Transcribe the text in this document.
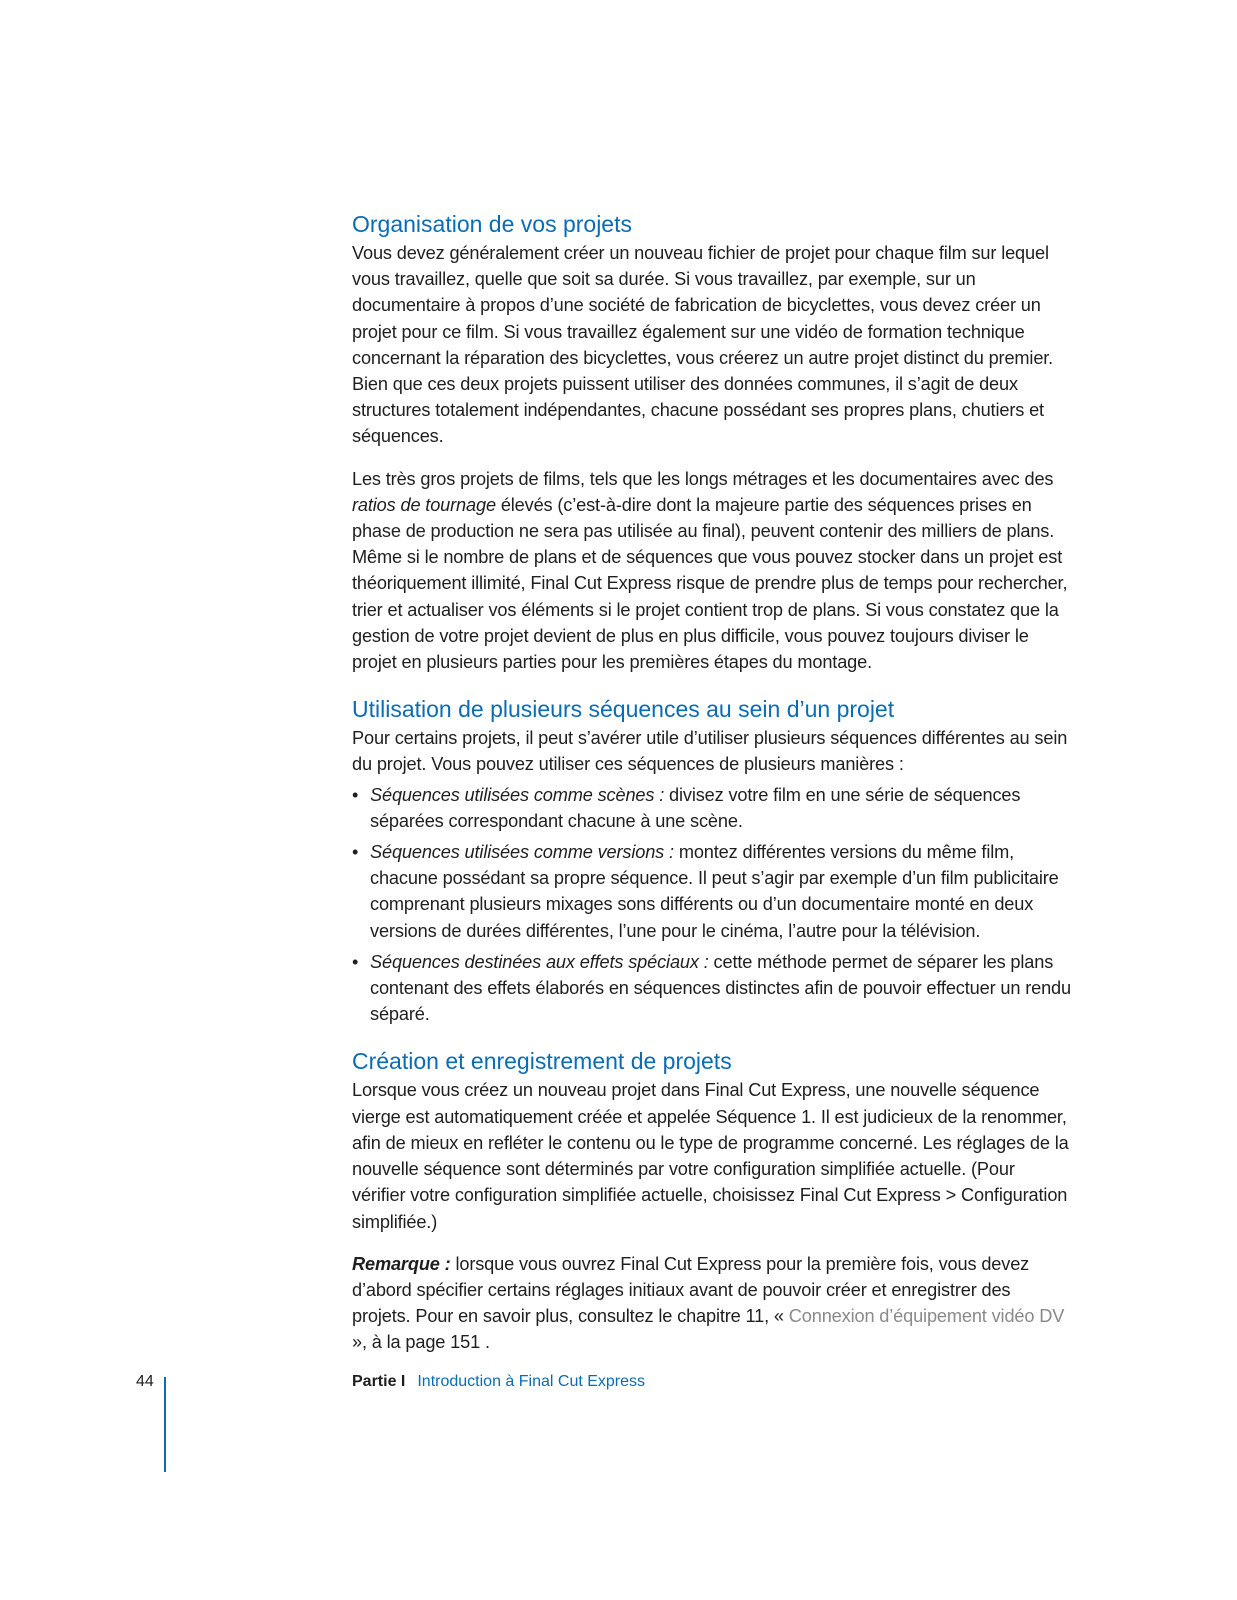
Organisation de vos projets

Vous devez généralement créer un nouveau fichier de projet pour chaque film sur lequel vous travaillez, quelle que soit sa durée. Si vous travaillez, par exemple, sur un documentaire à propos d’une société de fabrication de bicyclettes, vous devez créer un projet pour ce film. Si vous travaillez également sur une vidéo de formation technique concernant la réparation des bicyclettes, vous créerez un autre projet distinct du premier. Bien que ces deux projets puissent utiliser des données communes, il s’agit de deux structures totalement indépendantes, chacune possédant ses propres plans, chutiers et séquences.

Les très gros projets de films, tels que les longs métrages et les documentaires avec des ratios de tournage élevés (c’est-à-dire dont la majeure partie des séquences prises en phase de production ne sera pas utilisée au final), peuvent contenir des milliers de plans. Même si le nombre de plans et de séquences que vous pouvez stocker dans un projet est théoriquement illimité, Final Cut Express risque de prendre plus de temps pour rechercher, trier et actualiser vos éléments si le projet contient trop de plans. Si vous constatez que la gestion de votre projet devient de plus en plus difficile, vous pouvez toujours diviser le projet en plusieurs parties pour les premières étapes du montage.

Utilisation de plusieurs séquences au sein d’un projet

Pour certains projets, il peut s’avérer utile d’utiliser plusieurs séquences différentes au sein du projet. Vous pouvez utiliser ces séquences de plusieurs manières :

• Séquences utilisées comme scènes : divisez votre film en une série de séquences séparées correspondant chacune à une scène.
• Séquences utilisées comme versions : montez différentes versions du même film, chacune possédant sa propre séquence. Il peut s’agir par exemple d’un film publicitaire comprenant plusieurs mixages sons différents ou d’un documentaire monté en deux versions de durées différentes, l’une pour le cinéma, l’autre pour la télévision.
• Séquences destinées aux effets spéciaux : cette méthode permet de séparer les plans contenant des effets élaborés en séquences distinctes afin de pouvoir effectuer un rendu séparé.
Création et enregistrement de projets

Lorsque vous créez un nouveau projet dans Final Cut Express, une nouvelle séquence vierge est automatiquement créée et appelée Séquence 1. Il est judicieux de la renommer, afin de mieux en refléter le contenu ou le type de programme concerné. Les réglages de la nouvelle séquence sont déterminés par votre configuration simplifiée actuelle. (Pour vérifier votre configuration simplifiée actuelle, choisissez Final Cut Express > Configuration simplifiée.)

Remarque : lorsque vous ouvrez Final Cut Express pour la première fois, vous devez d’abord spécifier certains réglages initiaux avant de pouvoir créer et enregistrer des projets. Pour en savoir plus, consultez le chapitre 11, « Connexion d’équipement vidéo DV », à la page 151 .

44	Partie I Introduction à Final Cut Express
